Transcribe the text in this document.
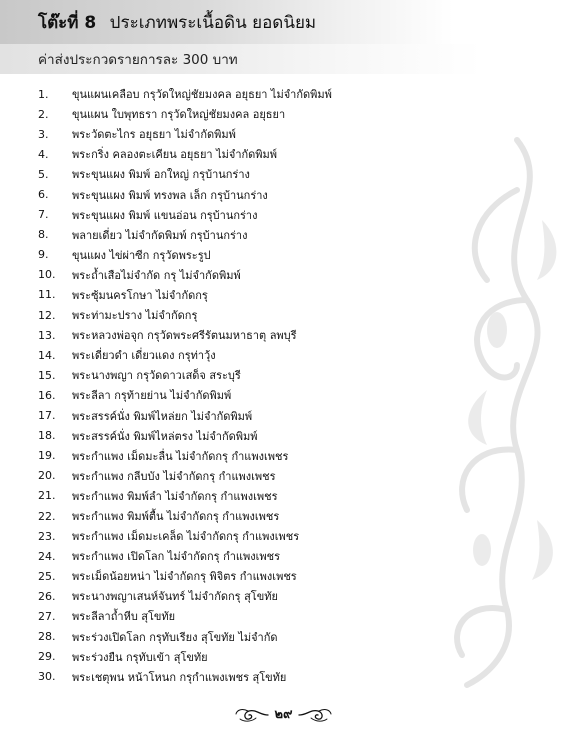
โต๊ะที่ 8 ประเภทพระเนื้อดิน ยอดนิยม
ค่าส่งประกวดรายการละ 300 บาท
1.	ขุนแผนเคลือบ กรุวัดใหญ่ชัยมงคล อยุธยา ไม่จำกัดพิมพ์
2.	ขุนแผน ใบพุทธรา กรุวัดใหญ่ชัยมงคล อยุธยา
3.	พระวัดตะไกร อยุธยา ไม่จำกัดพิมพ์
4.	พระกริ่ง คลองตะเคียน อยุธยา ไม่จำกัดพิมพ์
5.	พระขุนแผง พิมพ์ อกใหญ่ กรุบ้านกร่าง
6.	พระขุนแผง พิมพ์ ทรงพล เล็ก กรุบ้านกร่าง
7.	พระขุนแผง พิมพ์ แขนอ่อน กรุบ้านกร่าง
8.	พลายเดี่ยว ไม่จำกัดพิมพ์ กรุบ้านกร่าง
9.	ขุนแผง ไข่ผ่าซีก กรุวัดพระรูป
10.	พระถ้ำเสือไม่จำกัด กรุ ไม่จำกัดพิมพ์
11.	พระซุ้มนครโกษา ไม่จำกัดกรุ
12.	พระท่ามะปราง ไม่จำกัดกรุ
13.	พระหลวงพ่อจุก กรุวัดพระศรีรัตนมหาธาตุ ลพบุรี
14.	พระเดี่ยวดำ เดี่ยวแดง กรุท่าวุ้ง
15.	พระนางพญา กรุวัดดาวเสด็จ สระบุรี
16.	พระลีลา กรุท้ายย่าน ไม่จำกัดพิมพ์
17.	พระสรรค์นั่ง พิมพ์ไหล่ยก ไม่จำกัดพิมพ์
18.	พระสรรค์นั่ง พิมพ์ไหล่ตรง ไม่จำกัดพิมพ์
19.	พระกำแพง เม็ดมะลื่น ไม่จำกัดกรุ กำแพงเพชร
20.	พระกำแพง กลีบบัง ไม่จำกัดกรุ กำแพงเพชร
21.	พระกำแพง พิมพ์ลำ ไม่จำกัดกรุ กำแพงเพชร
22.	พระกำแพง พิมพ์ตื้น ไม่จำกัดกรุ กำแพงเพชร
23.	พระกำแพง เม็ดมะเคล็ด ไม่จำกัดกรุ กำแพงเพชร
24.	พระกำแพง เปิดโลก ไม่จำกัดกรุ กำแพงเพชร
25.	พระเม็ดน้อยหน่า ไม่จำกัดกรุ พิจิตร กำแพงเพชร
26.	พระนางพญาเสนห์จันทร์ ไม่จำกัดกรุ สุโขทัย
27.	พระลีลาถ้ำหีบ สุโขทัย
28.	พระร่วงเปิดโลก กรุทับเรียง สุโขทัย ไม่จำกัด
29.	พระร่วงยืน กรุทับเข้า สุโขทัย
30.	พระเชตุพน หน้าโหนก กรุกำแพงเพชร สุโขทัย
๒๙
